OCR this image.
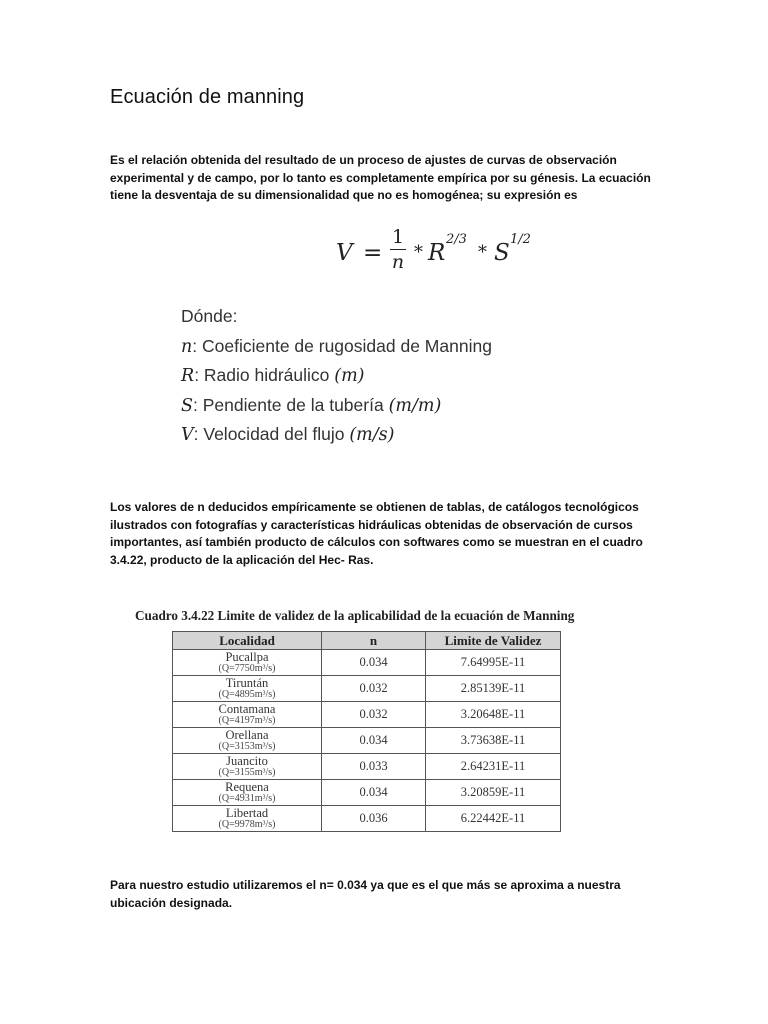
Ecuación de manning

Es el relación obtenida del resultado de un proceso de ajustes de curvas de observación experimental y de campo, por lo tanto es completamente empírica por su génesis. La ecuación tiene la desventaja de su dimensionalidad que no es homogénea; su expresión es

V =
1
n * R
2/3
* S
1/2
Dónde:
n: Coeficiente de rugosidad de Manning
R: Radio hidráulico (m)
S: Pendiente de la tubería (m/m)
V: Velocidad del flujo (m/s)

Los valores de n deducidos empíricamente se obtienen de tablas, de catálogos tecnológicos ilustrados con fotografías y características hidráulicas obtenidas de observación de cursos importantes, así también producto de cálculos con softwares como se muestran en el cuadro 3.4.22, producto de la aplicación del Hec- Ras.

Cuadro 3.4.22 Limite de validez de la aplicabilidad de la ecuación de Manning
Localidad	n	Limite de Validez

Pucallpa
(Q=7750m³/s)	0.034	7.64995E-11

Tiruntán
(Q=4895m³/s)	0.032	2.85139E-11

Contamana
(Q=4197m³/s)	0.032	3.20648E-11

Orellana
(Q=3153m³/s)	0.034	3.73638E-11

Juancito
(Q=3155m³/s)	0.033	2.64231E-11

Requena
(Q=4931m³/s)	0.034	3.20859E-11

Libertad
(Q=9978m³/s)	0.036	6.22442E-11

Para nuestro estudio utilizaremos el n= 0.034 ya que es el que más se aproxima a nuestra ubicación designada.
